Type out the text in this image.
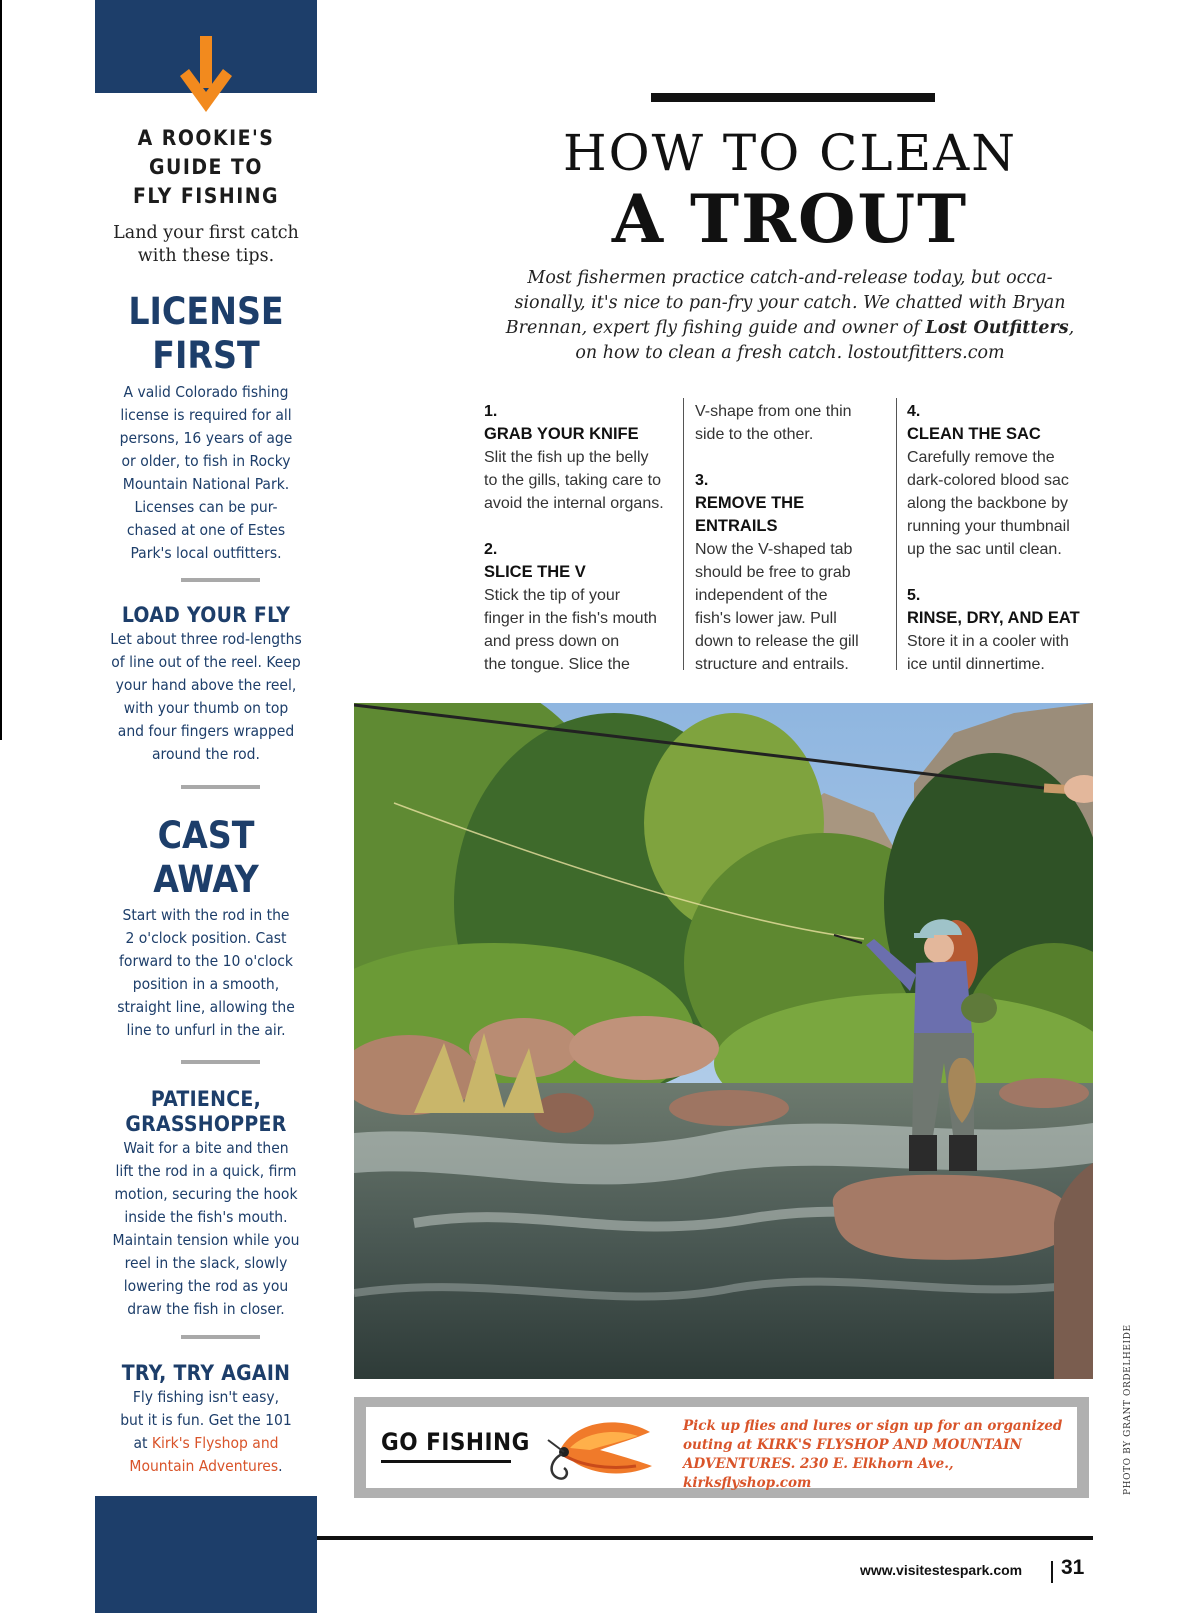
A ROOKIE'S
GUIDE TO
FLY FISHING
Land your first catch
with these tips.
LICENSE
FIRST
A valid Colorado fishing
license is required for all
persons, 16 years of age
or older, to fish in Rocky
Mountain National Park.
Licenses can be pur-
chased at one of Estes
Park's local outfitters.
LOAD YOUR FLY
Let about three rod-lengths
of line out of the reel. Keep
your hand above the reel,
with your thumb on top
and four fingers wrapped
around the rod.
CAST
AWAY
Start with the rod in the
2 o'clock position. Cast
forward to the 10 o'clock
position in a smooth,
straight line, allowing the
line to unfurl in the air.
PATIENCE,
GRASSHOPPER
Wait for a bite and then
lift the rod in a quick, firm
motion, securing the hook
inside the fish's mouth.
Maintain tension while you
reel in the slack, slowly
lowering the rod as you
draw the fish in closer.
TRY, TRY AGAIN
Fly fishing isn't easy,
but it is fun. Get the 101
at Kirk's Flyshop and
Mountain Adventures.
HOW TO CLEAN
A TROUT
Most fishermen practice catch-and-release today, but occa-
sionally, it's nice to pan-fry your catch. We chatted with Bryan
Brennan, expert fly fishing guide and owner of Lost Outfitters,
on how to clean a fresh catch. lostoutfitters.com
1.
GRAB YOUR KNIFE
Slit the fish up the belly
to the gills, taking care to
avoid the internal organs.
2.
SLICE THE V
Stick the tip of your
finger in the fish's mouth
and press down on
the tongue. Slice the
V-shape from one thin
side to the other.
3.
REMOVE THE
ENTRAILS
Now the V-shaped tab
should be free to grab
independent of the
fish's lower jaw. Pull
down to release the gill
structure and entrails.
4.
CLEAN THE SAC
Carefully remove the
dark-colored blood sac
along the backbone by
running your thumbnail
up the sac until clean.
5.
RINSE, DRY, AND EAT
Store it in a cooler with
ice until dinnertime.
PHOTO BY GRANT ORDELHEIDE
GO FISHING
Pick up flies and lures or sign up for an organized
outing at KIRK'S FLYSHOP AND MOUNTAIN
ADVENTURES. 230 E. Elkhorn Ave., kirksflyshop.com
www.visitestespark.com 31
